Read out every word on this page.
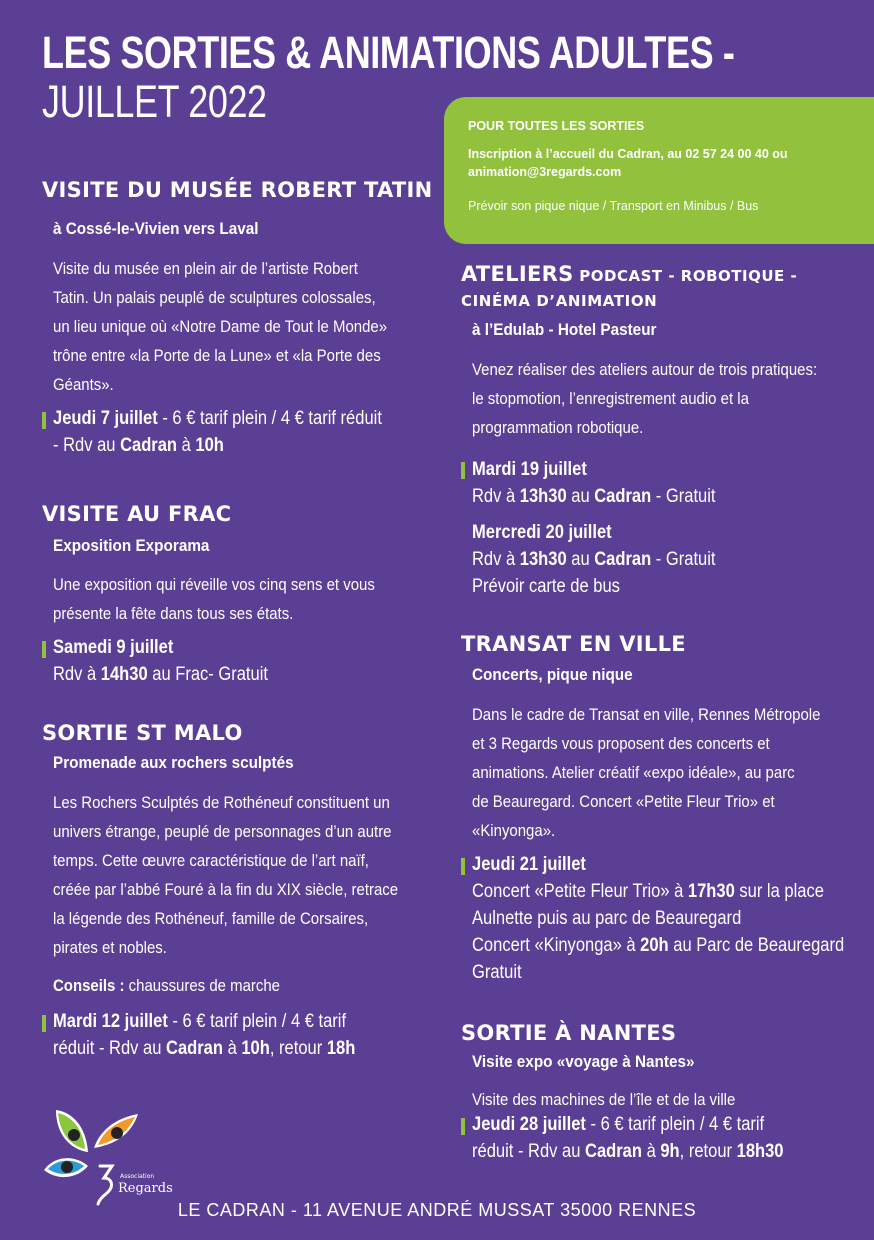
LES SORTIES & ANIMATIONS ADULTES -
JUILLET 2022	POUR TOUTES LES SORTIES
Inscription à l’accueil du Cadran, au 02 57 24 00 40 ou
animation@3regards.com
Prévoir son pique nique / Transport en Minibus / Bus
VISITE DU MUSÉE ROBERT TATIN
à Cossé-le-Vivien vers Laval
Visite du musée en plein air de l’artiste Robert
Tatin. Un palais peuplé de sculptures colossales,
un lieu unique où «Notre Dame de Tout le Monde»
trône entre «la Porte de la Lune» et «la Porte des
Géants».
Jeudi 7 juillet - 6 € tarif plein / 4 € tarif réduit
- Rdv au Cadran à 10h
VISITE AU FRAC
Exposition Exporama
Une exposition qui réveille vos cinq sens et vous
présente la fête dans tous ses états.
Samedi 9 juillet
Rdv à 14h30 au Frac- Gratuit
SORTIE ST MALO
Promenade aux rochers sculptés
Les Rochers Sculptés de Rothéneuf constituent un
univers étrange, peuplé de personnages d’un autre
temps. Cette œuvre caractéristique de l’art naïf,
créée par l’abbé Fouré à la fin du XIX siècle, retrace
la légende des Rothéneuf, famille de Corsaires,
pirates et nobles.
Conseils : chaussures de marche
Mardi 12 juillet - 6 € tarif plein / 4 € tarif
réduit - Rdv au Cadran à 10h, retour 18h
ATELIERS PODCAST - ROBOTIQUE -
CINÉMA D’ANIMATION
à l’Edulab - Hotel Pasteur
Venez réaliser des ateliers autour de trois pratiques:
le stopmotion, l’enregistrement audio et la
programmation robotique.
Mardi 19 juillet
Rdv à 13h30 au Cadran - Gratuit
Mercredi 20 juillet
Rdv à 13h30 au Cadran - Gratuit
Prévoir carte de bus
TRANSAT EN VILLE
Concerts, pique nique
Dans le cadre de Transat en ville, Rennes Métropole
et 3 Regards vous proposent des concerts et
animations. Atelier créatif «expo idéale», au parc
de Beauregard. Concert «Petite Fleur Trio» et
«Kinyonga».
Jeudi 21 juillet
Concert «Petite Fleur Trio» à 17h30 sur la place
Aulnette puis au parc de Beauregard
Concert «Kinyonga» à 20h au Parc de Beauregard
Gratuit
SORTIE À NANTES
Visite expo «voyage à Nantes»
Visite des machines de l’île et de la ville
Jeudi 28 juillet - 6 € tarif plein / 4 € tarif
réduit - Rdv au Cadran à 9h, retour 18h30
Association
Regards
LE CADRAN - 11 AVENUE ANDRÉ MUSSAT 35000 RENNES
